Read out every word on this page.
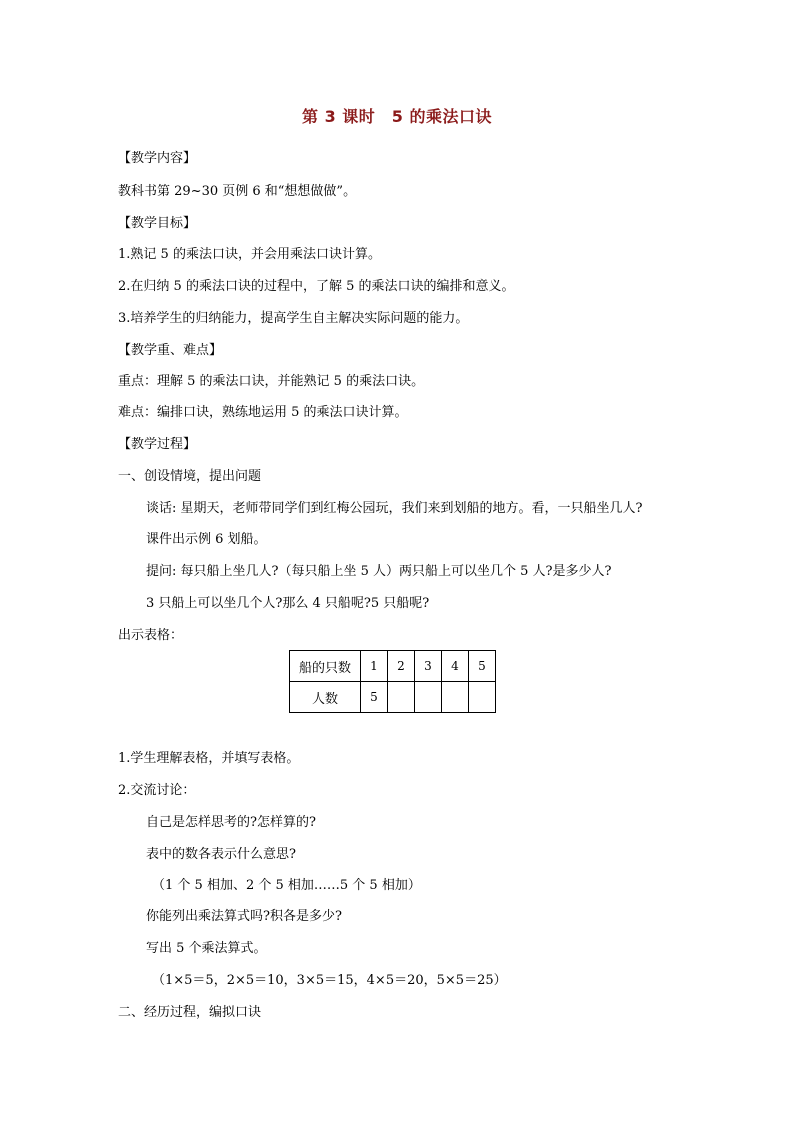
第 3 课时　5 的乘法口诀
【教学内容】
教科书第 29~30 页例 6 和“想想做做”。
【教学目标】
1.熟记 5 的乘法口诀，并会用乘法口诀计算。
2.在归纳 5 的乘法口诀的过程中，了解 5 的乘法口诀的编排和意义。
3.培养学生的归纳能力，提高学生自主解决实际问题的能力。
【教学重、难点】
重点：理解 5 的乘法口诀，并能熟记 5 的乘法口诀。
难点：编排口诀，熟练地运用 5 的乘法口诀计算。
【教学过程】
一、创设情境，提出问题
谈话: 星期天，老师带同学们到红梅公园玩，我们来到划船的地方。看，一只船坐几人?
课件出示例 6 划船。
提问: 每只船上坐几人?（每只船上坐 5 人）两只船上可以坐几个 5 人?是多少人?
3 只船上可以坐几个人?那么 4 只船呢?5 只船呢?
出示表格：
船的只数	1	2	3	4	5
人数	5				
1.学生理解表格，并填写表格。
2.交流讨论：
自己是怎样思考的?怎样算的?
表中的数各表示什么意思?
（1 个 5 相加、2 个 5 相加……5 个 5 相加）
你能列出乘法算式吗?积各是多少?
写出 5 个乘法算式。
（1×5＝5，2×5＝10，3×5＝15，4×5＝20，5×5＝25）
二、经历过程，编拟口诀
